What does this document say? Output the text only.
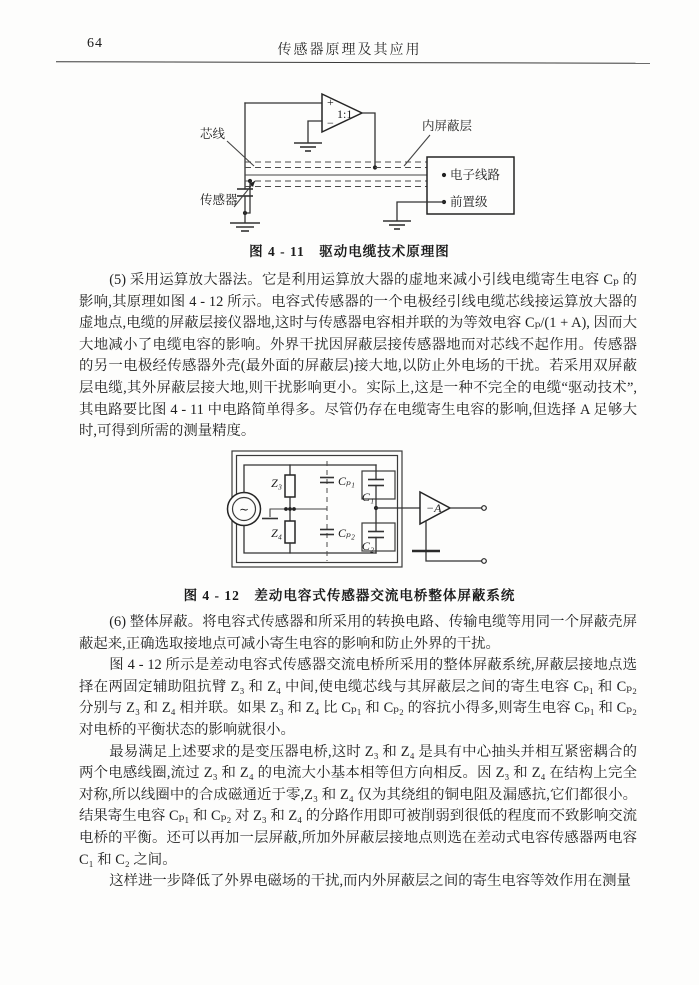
64	传感器原理及其应用
+
−
1:1
电子线路
前置级
芯线
内屏蔽层
传感器
图 4 - 11　驱动电缆技术原理图

(5) 采用运算放大器法。它是利用运算放大器的虚地来减小引线电缆寄生电容 Cₚ 的影响,其原理如图 4 - 12 所示。电容式传感器的一个电极经引线电缆芯线接运算放大器的虚地点,电缆的屏蔽层接仪器地,这时与传感器电容相并联的为等效电容 Cₚ/(1 + A), 因而大大地减小了电缆电容的影响。外界干扰因屏蔽层接传感器地而对芯线不起作用。传感器的另一电极经传感器外壳(最外面的屏蔽层)接大地,以防止外电场的干扰。若采用双屏蔽层电缆,其外屏蔽层接大地,则干扰影响更小。实际上,这是一种不完全的电缆“驱动技术”,其电路要比图 4 - 11 中电路简单得多。尽管仍存在电缆寄生电容的影响,但选择 A 足够大时,可得到所需的测量精度。

∼
Z₃
Z₄
Cₚ₁
Cₚ₂
C₁
C₂
−A
图 4 - 12　差动电容式传感器交流电桥整体屏蔽系统

(6) 整体屏蔽。将电容式传感器和所采用的转换电路、传输电缆等用同一个屏蔽壳屏蔽起来,正确选取接地点可减小寄生电容的影响和防止外界的干扰。

图 4 - 12 所示是差动电容式传感器交流电桥所采用的整体屏蔽系统,屏蔽层接地点选择在两固定辅助阻抗臂 Z₃ 和 Z₄ 中间,使电缆芯线与其屏蔽层之间的寄生电容 Cₚ₁ 和 Cₚ₂ 分别与 Z₃ 和 Z₄ 相并联。如果 Z₃ 和 Z₄ 比 Cₚ₁ 和 Cₚ₂ 的容抗小得多,则寄生电容 Cₚ₁ 和 Cₚ₂ 对电桥的平衡状态的影响就很小。

最易满足上述要求的是变压器电桥,这时 Z₃ 和 Z₄ 是具有中心抽头并相互紧密耦合的两个电感线圈,流过 Z₃ 和 Z₄ 的电流大小基本相等但方向相反。因 Z₃ 和 Z₄ 在结构上完全对称,所以线圈中的合成磁通近于零,Z₃ 和 Z₄ 仅为其绕组的铜电阻及漏感抗,它们都很小。结果寄生电容 Cₚ₁ 和 Cₚ₂ 对 Z₃ 和 Z₄ 的分路作用即可被削弱到很低的程度而不致影响交流电桥的平衡。还可以再加一层屏蔽,所加外屏蔽层接地点则选在差动式电容传感器两电容 C₁ 和 C₂ 之间。

这样进一步降低了外界电磁场的干扰,而内外屏蔽层之间的寄生电容等效作用在测量
